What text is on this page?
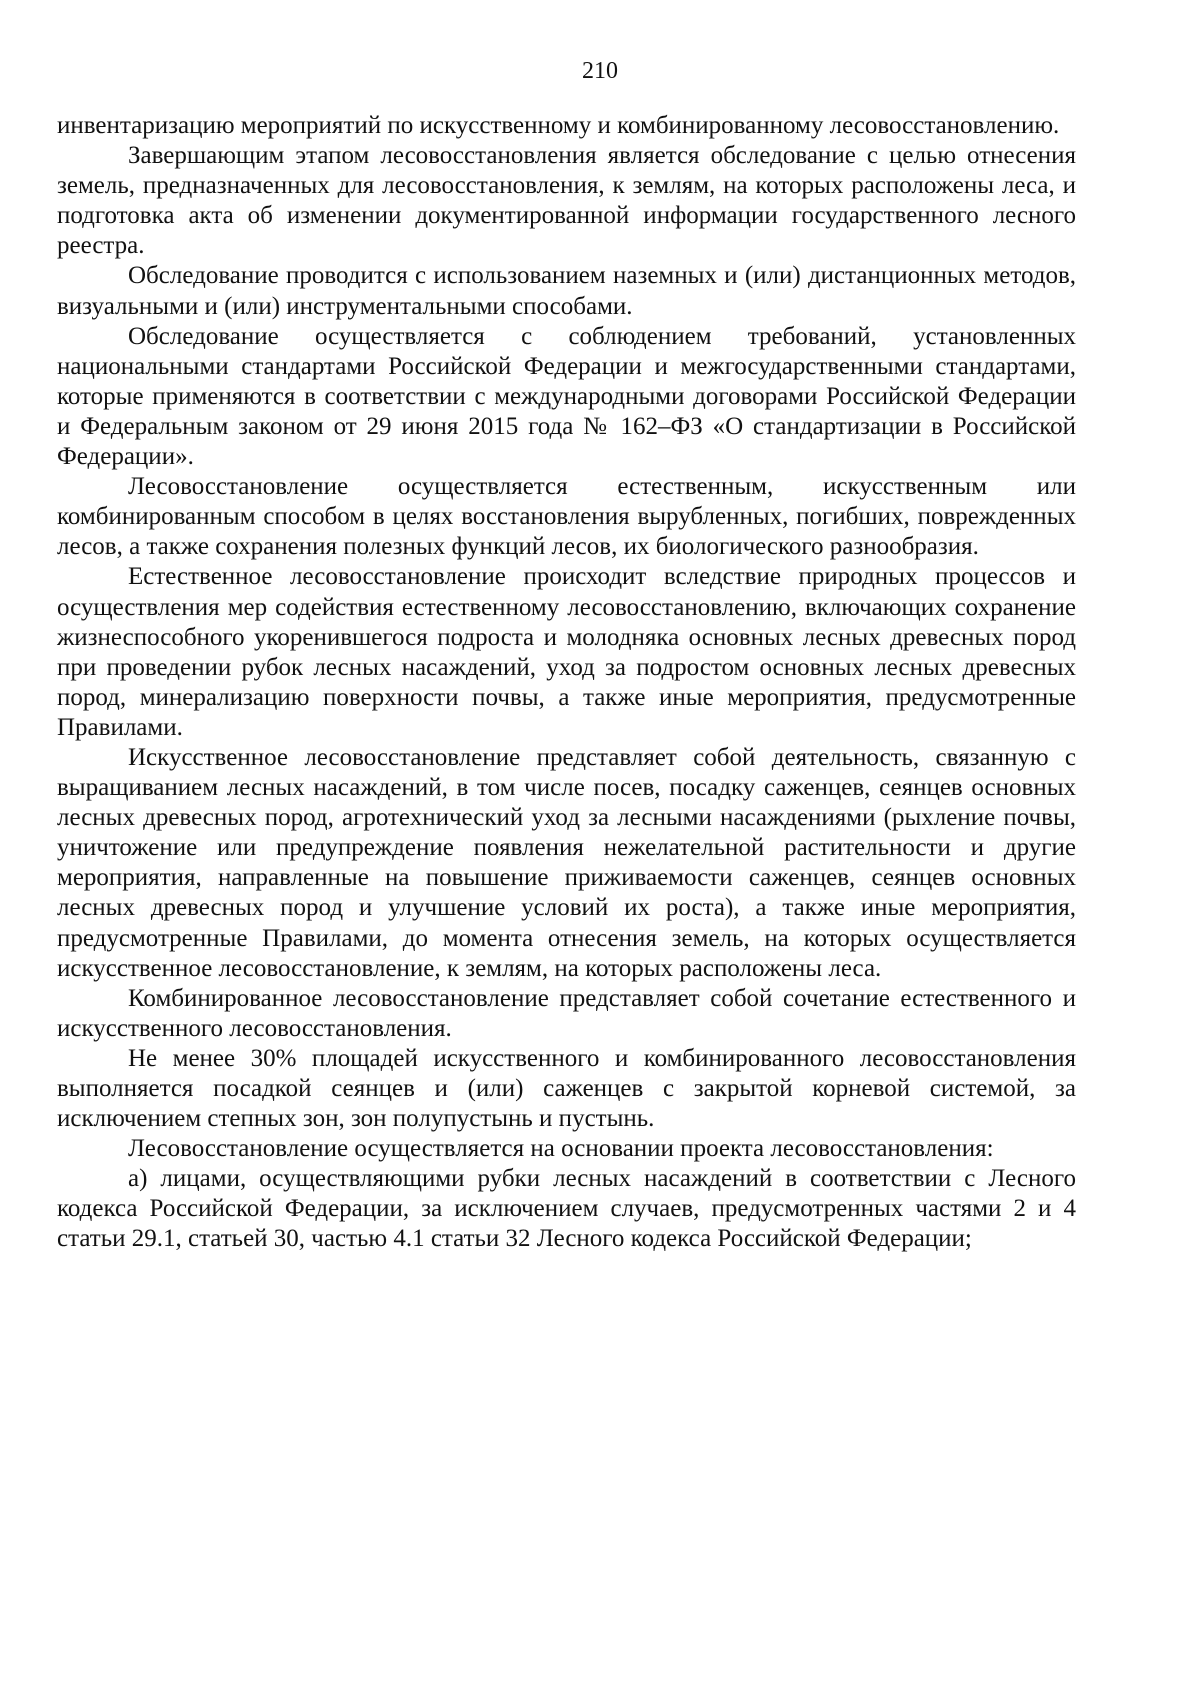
210

инвентаризацию мероприятий по искусственному и комбинированному лесовосстановлению.

Завершающим этапом лесовосстановления является обследование с целью отнесения земель, предназначенных для лесовосстановления, к землям, на которых расположены леса, и подготовка акта об изменении документированной информации государственного лесного реестра.

Обследование проводится с использованием наземных и (или) дистанционных методов, визуальными и (или) инструментальными способами.

Обследование осуществляется с соблюдением требований, установленных национальными стандартами Российской Федерации и межгосударственными стандартами, которые применяются в соответствии с международными договорами Российской Федерации и Федеральным законом от 29 июня 2015 года № 162–ФЗ «О стандартизации в Российской Федерации».

Лесовосстановление осуществляется естественным, искусственным или комбинированным способом в целях восстановления вырубленных, погибших, поврежденных лесов, а также сохранения полезных функций лесов, их биологического разнообразия.

Естественное лесовосстановление происходит вследствие природных процессов и осуществления мер содействия естественному лесовосстановлению, включающих сохранение жизнеспособного укоренившегося подроста и молодняка основных лесных древесных пород при проведении рубок лесных насаждений, уход за подростом основных лесных древесных пород, минерализацию поверхности почвы, а также иные мероприятия, предусмотренные Правилами.

Искусственное лесовосстановление представляет собой деятельность, связанную с выращиванием лесных насаждений, в том числе посев, посадку саженцев, сеянцев основных лесных древесных пород, агротехнический уход за лесными насаждениями (рыхление почвы, уничтожение или предупреждение появления нежелательной растительности и другие мероприятия, направленные на повышение приживаемости саженцев, сеянцев основных лесных древесных пород и улучшение условий их роста), а также иные мероприятия, предусмотренные Правилами, до момента отнесения земель, на которых осуществляется искусственное лесовосстановление, к землям, на которых расположены леса.

Комбинированное лесовосстановление представляет собой сочетание естественного и искусственного лесовосстановления.

Не менее 30% площадей искусственного и комбинированного лесовосстановления выполняется посадкой сеянцев и (или) саженцев с закрытой корневой системой, за исключением степных зон, зон полупустынь и пустынь.

Лесовосстановление осуществляется на основании проекта лесовосстановления:

а) лицами, осуществляющими рубки лесных насаждений в соответствии с Лесного кодекса Российской Федерации, за исключением случаев, предусмотренных частями 2 и 4 статьи 29.1, статьей 30, частью 4.1 статьи 32 Лесного кодекса Российской Федерации;
